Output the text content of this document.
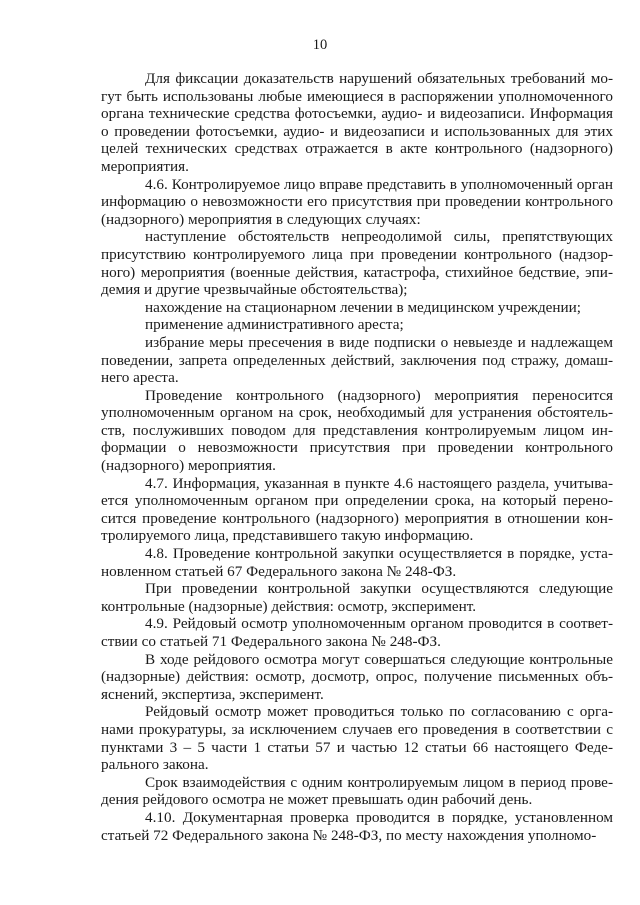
10

Для фиксации доказательств нарушений обязательных требований могут быть использованы любые имеющиеся в распоряжении уполномоченного органа технические средства фотосъемки, аудио- и видеозаписи. Информация о проведении фотосъемки, аудио- и видеозаписи и использованных для этих целей технических средствах отражается в акте контрольного (надзорного) мероприятия.

4.6. Контролируемое лицо вправе представить в уполномоченный орган информацию о невозможности его присутствия при проведении контрольного (надзорного) мероприятия в следующих случаях:

наступление обстоятельств непреодолимой силы, препятствующих присутствию контролируемого лица при проведении контрольного (надзорного) мероприятия (военные действия, катастрофа, стихийное бедствие, эпидемия и другие чрезвычайные обстоятельства);

нахождение на стационарном лечении в медицинском учреждении;

применение административного ареста;

избрание меры пресечения в виде подписки о невыезде и надлежащем поведении, запрета определенных действий, заключения под стражу, домашнего ареста.

Проведение контрольного (надзорного) мероприятия переносится уполномоченным органом на срок, необходимый для устранения обстоятельств, послуживших поводом для представления контролируемым лицом информации о невозможности присутствия при проведении контрольного (надзорного) мероприятия.

4.7. Информация, указанная в пункте 4.6 настоящего раздела, учитывается уполномоченным органом при определении срока, на который переносится проведение контрольного (надзорного) мероприятия в отношении контролируемого лица, представившего такую информацию.

4.8. Проведение контрольной закупки осуществляется в порядке, установленном статьей 67 Федерального закона № 248-ФЗ.

При проведении контрольной закупки осуществляются следующие контрольные (надзорные) действия: осмотр, эксперимент.

4.9. Рейдовый осмотр уполномоченным органом проводится в соответствии со статьей 71 Федерального закона № 248-ФЗ.

В ходе рейдового осмотра могут совершаться следующие контрольные (надзорные) действия: осмотр, досмотр, опрос, получение письменных объяснений, экспертиза, эксперимент.

Рейдовый осмотр может проводиться только по согласованию с органами прокуратуры, за исключением случаев его проведения в соответствии с пунктами 3 – 5 части 1 статьи 57 и частью 12 статьи 66 настоящего Федерального закона.

Срок взаимодействия с одним контролируемым лицом в период проведения рейдового осмотра не может превышать один рабочий день.

4.10. Документарная проверка проводится в порядке, установленном статьей 72 Федерального закона № 248-ФЗ, по месту нахождения уполномо-
